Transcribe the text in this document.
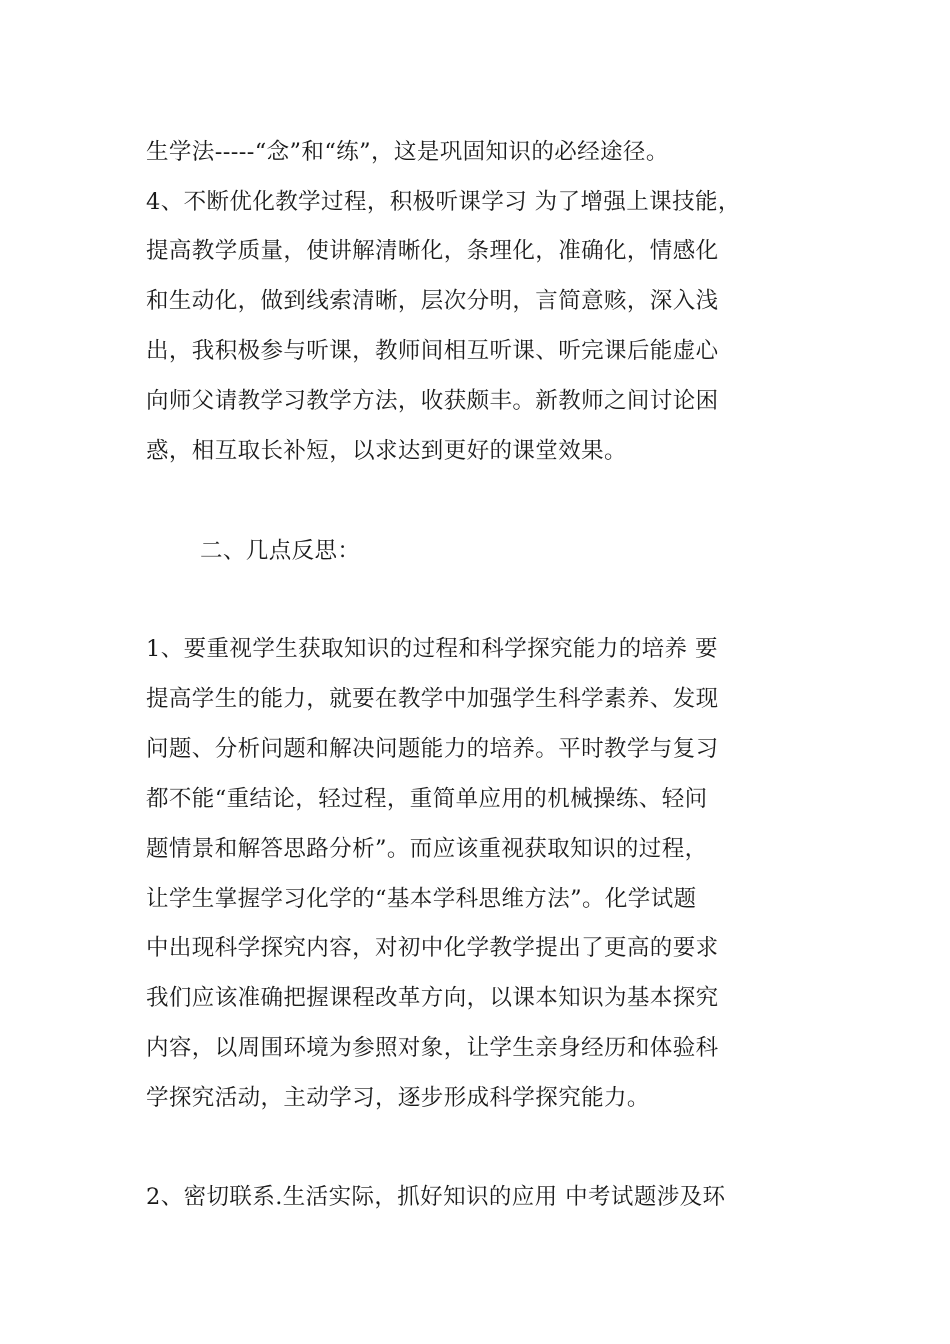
生学法-----“念”和“练”，这是巩固知识的必经途径。
4、不断优化教学过程，积极听课学习 为了增强上课技能，
提高教学质量，使讲解清晰化，条理化，准确化，情感化
和生动化，做到线索清晰，层次分明，言简意赅，深入浅
出，我积极参与听课，教师间相互听课、听完课后能虚心
向师父请教学习教学方法，收获颇丰。新教师之间讨论困
惑，相互取长补短，以求达到更好的课堂效果。
二、几点反思：
1、要重视学生获取知识的过程和科学探究能力的培养 要
提高学生的能力，就要在教学中加强学生科学素养、发现
问题、分析问题和解决问题能力的培养。平时教学与复习
都不能“重结论，轻过程，重简单应用的机械操练、轻问
题情景和解答思路分析”。而应该重视获取知识的过程，
让学生掌握学习化学的“基本学科思维方法”。化学试题
中出现科学探究内容，对初中化学教学提出了更高的要求
我们应该准确把握课程改革方向，以课本知识为基本探究
内容，以周围环境为参照对象，让学生亲身经历和体验科
学探究活动，主动学习，逐步形成科学探究能力。
2、密切联系.生活实际，抓好知识的应用 中考试题涉及环
